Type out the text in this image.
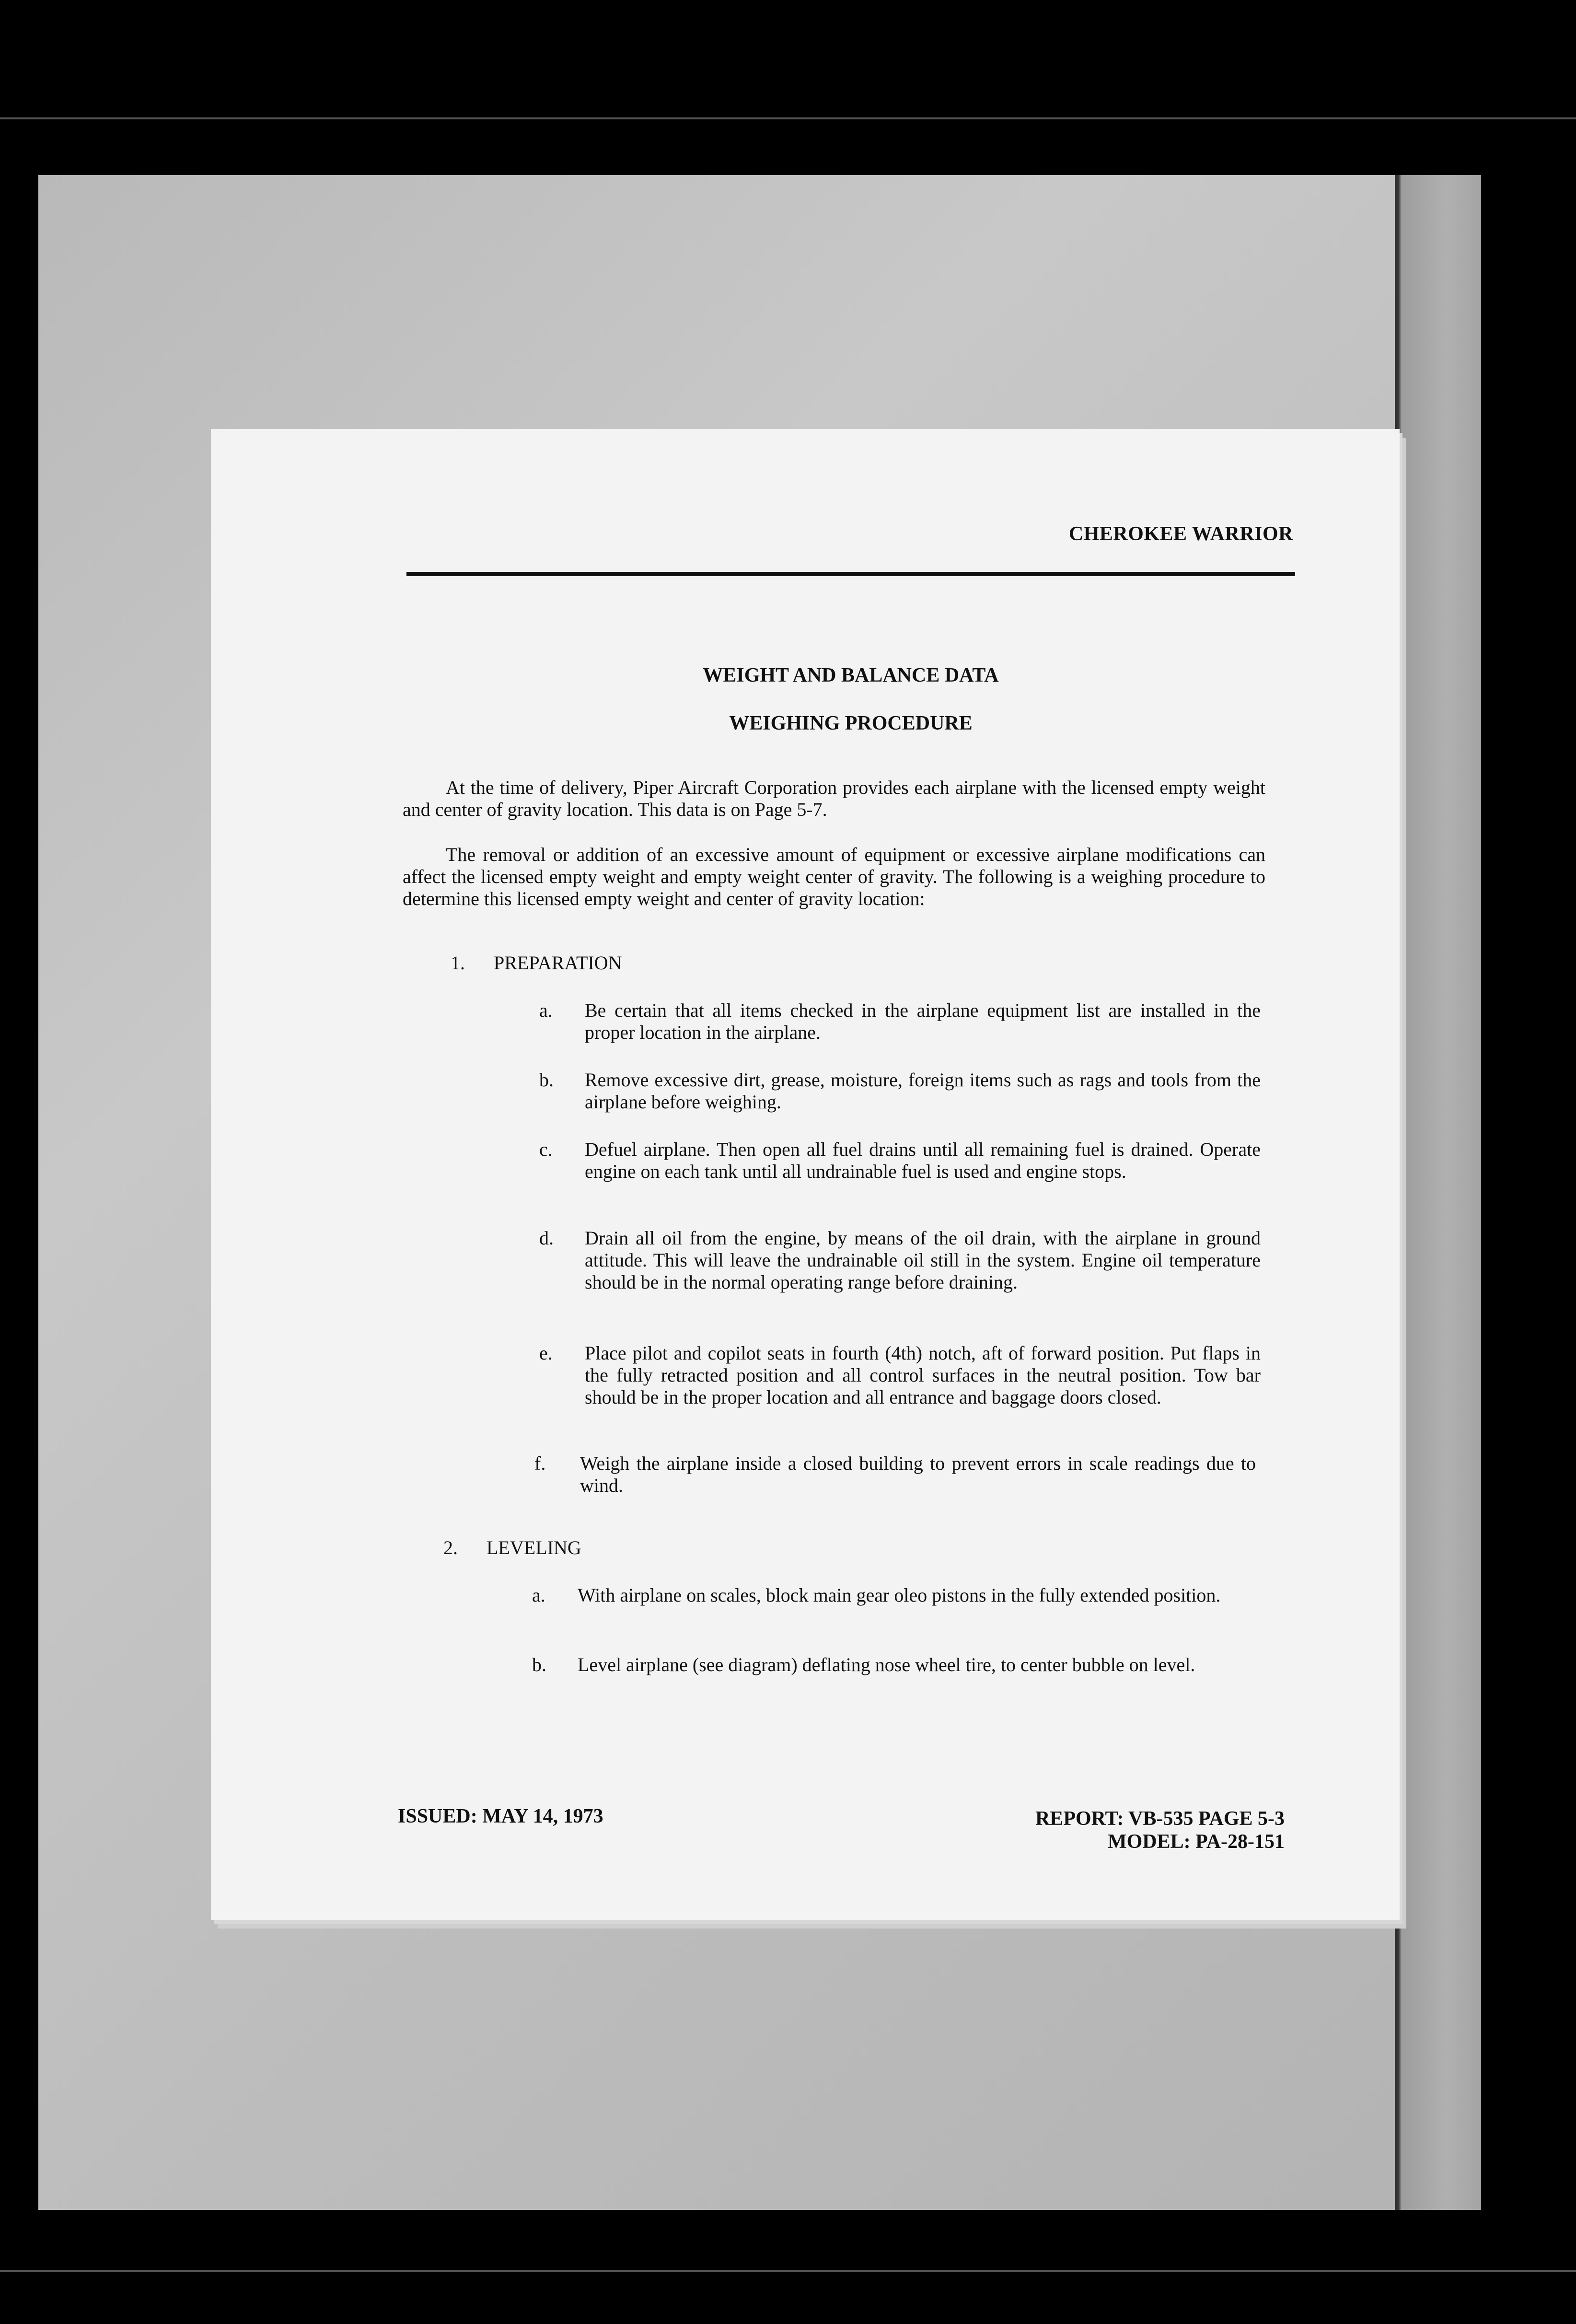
CHEROKEE WARRIOR
WEIGHT AND BALANCE DATA
WEIGHING PROCEDURE
At the time of delivery, Piper Aircraft Corporation provides each airplane with the licensed empty weight and center of gravity location. This data is on Page 5-7.
The removal or addition of an excessive amount of equipment or excessive airplane modifications can affect the licensed empty weight and empty weight center of gravity. The following is a weighing procedure to determine this licensed empty weight and center of gravity location:
1. PREPARATION
a. Be certain that all items checked in the airplane equipment list are installed in the proper location in the airplane.
b. Remove excessive dirt, grease, moisture, foreign items such as rags and tools from the airplane before weighing.
c. Defuel airplane. Then open all fuel drains until all remaining fuel is drained. Operate engine on each tank until all undrainable fuel is used and engine stops.
d. Drain all oil from the engine, by means of the oil drain, with the airplane in ground attitude. This will leave the undrainable oil still in the system. Engine oil temperature should be in the normal operating range before draining.
e. Place pilot and copilot seats in fourth (4th) notch, aft of forward position. Put flaps in the fully retracted position and all control surfaces in the neutral position. Tow bar should be in the proper location and all entrance and baggage doors closed.
f. Weigh the airplane inside a closed building to prevent errors in scale readings due to wind.
2. LEVELING
a. With airplane on scales, block main gear oleo pistons in the fully extended position.
b. Level airplane (see diagram) deflating nose wheel tire, to center bubble on level.
ISSUED: MAY 14, 1973	REPORT: VB-535 PAGE 5-3
MODEL: PA-28-151
